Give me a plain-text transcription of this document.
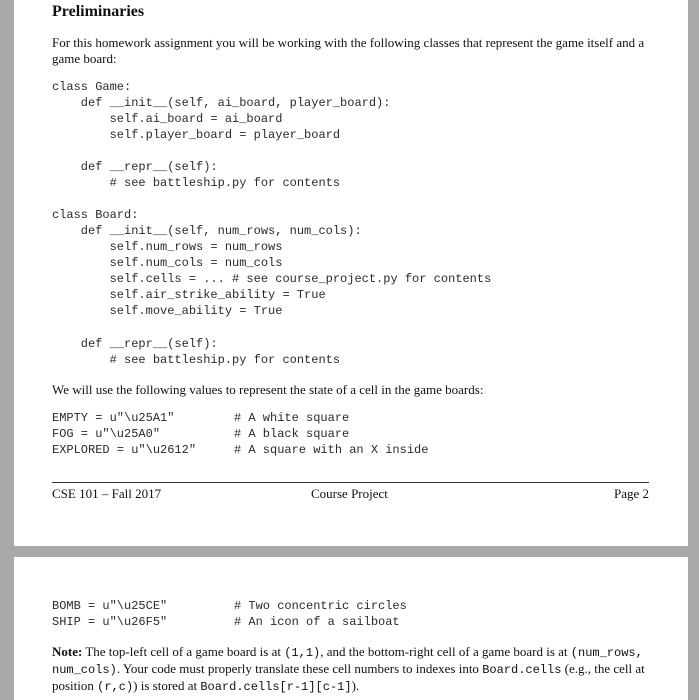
Preliminaries
For this homework assignment you will be working with the following classes that represent the game itself and a game board:
class Game:
def __init__(self, ai_board, player_board):
self.ai_board = ai_board
self.player_board = player_board
def __repr__(self):
# see battleship.py for contents
class Board:
def __init__(self, num_rows, num_cols):
self.num_rows = num_rows
self.num_cols = num_cols
self.cells = ... # see course_project.py for contents
self.air_strike_ability = True
self.move_ability = True
def __repr__(self):
# see battleship.py for contents
We will use the following values to represent the state of a cell in the game boards:
EMPTY = u"\u25A1"	# A white square
FOG = u"\u25A0"	# A black square
EXPLORED = u"\u2612"	# A square with an X inside
CSE 101 – Fall 2017	Course Project	Page 2
BOMB = u"\u25CE"	# Two concentric circles
SHIP = u"\u26F5"	# An icon of a sailboat
Note: The top-left cell of a game board is at (1,1), and the bottom-right cell of a game board is at (num_rows, num_cols). Your code must properly translate these cell numbers to indexes into Board.cells (e.g., the cell at position (r,c)) is stored at Board.cells[r-1][c-1]).
